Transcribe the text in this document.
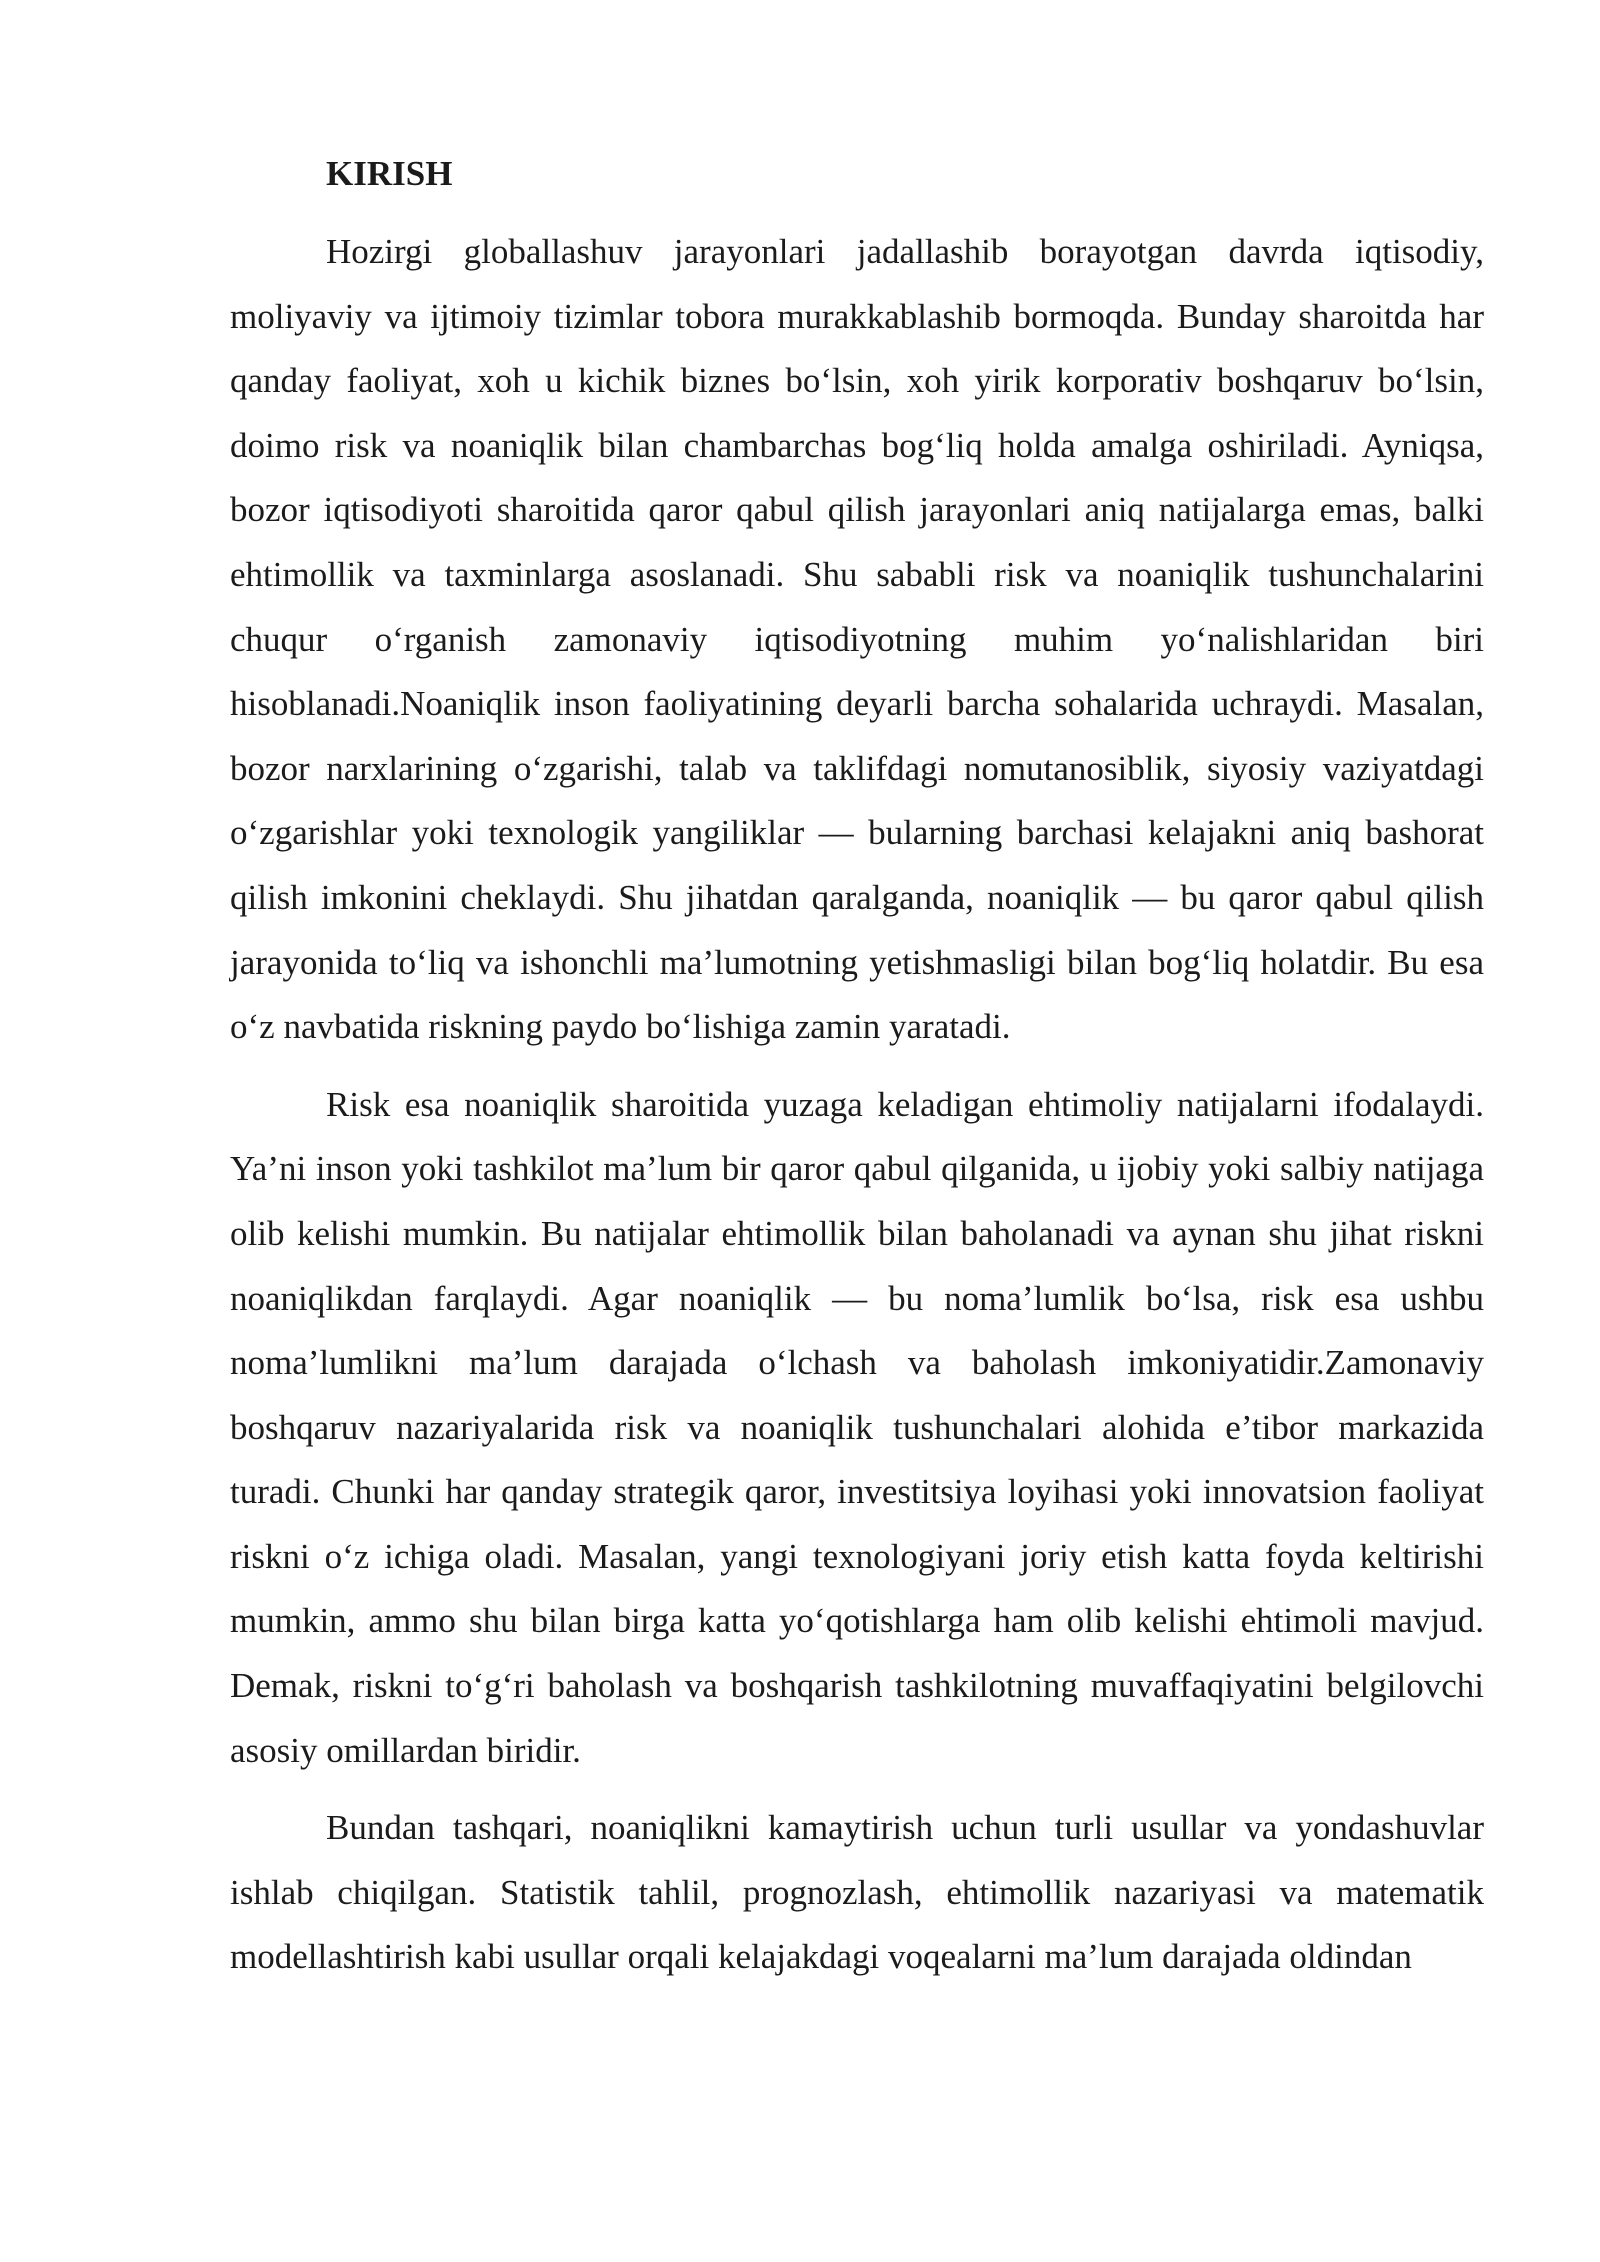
KIRISH

Hozirgi globallashuv jarayonlari jadallashib borayotgan davrda iqtisodiy, moliyaviy va ijtimoiy tizimlar tobora murakkablashib bormoqda. Bunday sharoitda har qanday faoliyat, xoh u kichik biznes bo‘lsin, xoh yirik korporativ boshqaruv bo‘lsin, doimo risk va noaniqlik bilan chambarchas bog‘liq holda amalga oshiriladi. Ayniqsa, bozor iqtisodiyoti sharoitida qaror qabul qilish jarayonlari aniq natijalarga emas, balki ehtimollik va taxminlarga asoslanadi. Shu sababli risk va noaniqlik tushunchalarini chuqur o‘rganish zamonaviy iqtisodiyotning muhim yo‘nalishlaridan biri hisoblanadi.Noaniqlik inson faoliyatining deyarli barcha sohalarida uchraydi. Masalan, bozor narxlarining o‘zgarishi, talab va taklifdagi nomutanosiblik, siyosiy vaziyatdagi o‘zgarishlar yoki texnologik yangiliklar — bularning barchasi kelajakni aniq bashorat qilish imkonini cheklaydi. Shu jihatdan qaralganda, noaniqlik — bu qaror qabul qilish jarayonida to‘liq va ishonchli ma’lumotning yetishmasligi bilan bog‘liq holatdir. Bu esa o‘z navbatida riskning paydo bo‘lishiga zamin yaratadi.

Risk esa noaniqlik sharoitida yuzaga keladigan ehtimoliy natijalarni ifodalaydi. Ya’ni inson yoki tashkilot ma’lum bir qaror qabul qilganida, u ijobiy yoki salbiy natijaga olib kelishi mumkin. Bu natijalar ehtimollik bilan baholanadi va aynan shu jihat riskni noaniqlikdan farqlaydi. Agar noaniqlik — bu noma’lumlik bo‘lsa, risk esa ushbu noma’lumlikni ma’lum darajada o‘lchash va baholash imkoniyatidir.Zamonaviy boshqaruv nazariyalarida risk va noaniqlik tushunchalari alohida e’tibor markazida turadi. Chunki har qanday strategik qaror, investitsiya loyihasi yoki innovatsion faoliyat riskni o‘z ichiga oladi. Masalan, yangi texnologiyani joriy etish katta foyda keltirishi mumkin, ammo shu bilan birga katta yo‘qotishlarga ham olib kelishi ehtimoli mavjud. Demak, riskni to‘g‘ri baholash va boshqarish tashkilotning muvaffaqiyatini belgilovchi asosiy omillardan biridir.

Bundan tashqari, noaniqlikni kamaytirish uchun turli usullar va yondashuvlar ishlab chiqilgan. Statistik tahlil, prognozlash, ehtimollik nazariyasi va matematik modellashtirish kabi usullar orqali kelajakdagi voqealarni ma’lum darajada oldindan
